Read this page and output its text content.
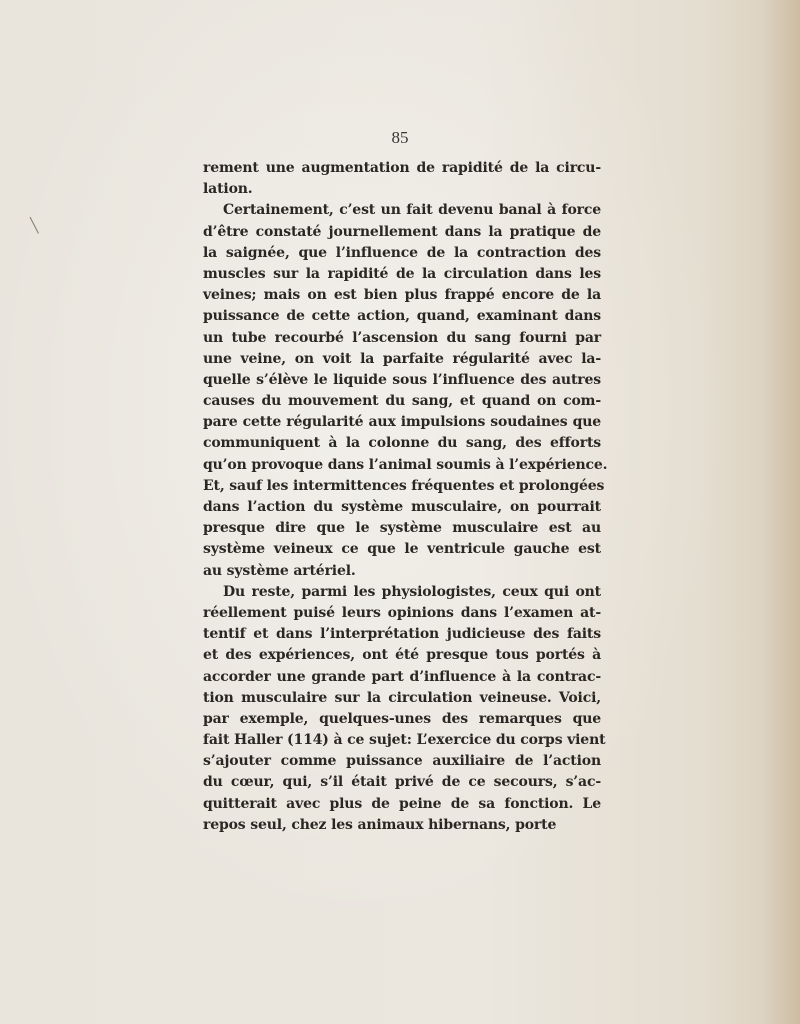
╲
85
rement une augmentation de rapidité de la circu-
lation.
Certainement, c’est un fait devenu banal à force
d’être constaté journellement dans la pratique de
la saignée, que l’influence de la contraction des
muscles sur la rapidité de la circulation dans les
veines; mais on est bien plus frappé encore de la
puissance de cette action, quand, examinant dans
un tube recourbé l’ascension du sang fourni par
une veine, on voit la parfaite régularité avec la-
quelle s’élève le liquide sous l’influence des autres
causes du mouvement du sang, et quand on com-
pare cette régularité aux impulsions soudaines que
communiquent à la colonne du sang, des efforts
qu’on provoque dans l’animal soumis à l’expérience.
Et, sauf les intermittences fréquentes et prolongées
dans l’action du système musculaire, on pourrait
presque dire que le système musculaire est au
système veineux ce que le ventricule gauche est
au système artériel.
Du reste, parmi les physiologistes, ceux qui ont
réellement puisé leurs opinions dans l’examen at-
tentif et dans l’interprétation judicieuse des faits
et des expériences, ont été presque tous portés à
accorder une grande part d’influence à la contrac-
tion musculaire sur la circulation veineuse. Voici,
par exemple, quelques-unes des remarques que
fait Haller (114) à ce sujet: L’exercice du corps vient
s’ajouter comme puissance auxiliaire de l’action
du cœur, qui, s’il était privé de ce secours, s’ac-
quitterait avec plus de peine de sa fonction. Le
repos seul, chez les animaux hibernans, porte
